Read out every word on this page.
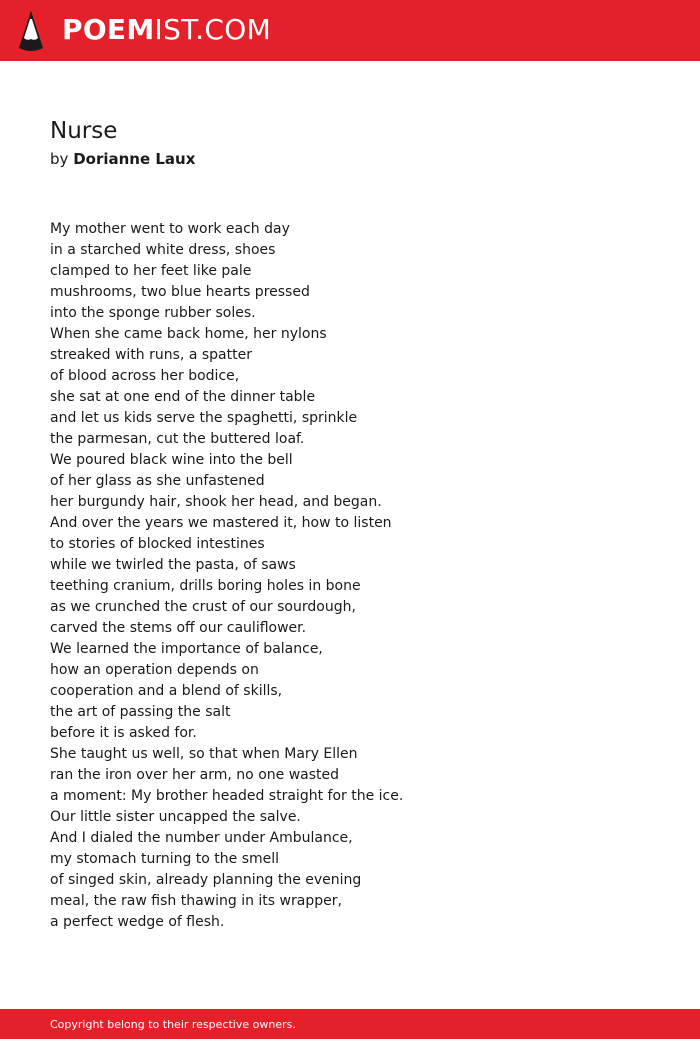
POEMIST.COM
Nurse
by Dorianne Laux
My mother went to work each day
in a starched white dress, shoes
clamped to her feet like pale
mushrooms, two blue hearts pressed
into the sponge rubber soles.
When she came back home, her nylons
streaked with runs, a spatter
of blood across her bodice,
she sat at one end of the dinner table
and let us kids serve the spaghetti, sprinkle
the parmesan, cut the buttered loaf.
We poured black wine into the bell
of her glass as she unfastened
her burgundy hair, shook her head, and began.
And over the years we mastered it, how to listen
to stories of blocked intestines
while we twirled the pasta, of saws
teething cranium, drills boring holes in bone
as we crunched the crust of our sourdough,
carved the stems off our cauliflower.
We learned the importance of balance,
how an operation depends on
cooperation and a blend of skills,
the art of passing the salt
before it is asked for.
She taught us well, so that when Mary Ellen
ran the iron over her arm, no one wasted
a moment: My brother headed straight for the ice.
Our little sister uncapped the salve.
And I dialed the number under Ambulance,
my stomach turning to the smell
of singed skin, already planning the evening
meal, the raw fish thawing in its wrapper,
a perfect wedge of flesh.
Copyright belong to their respective owners.
